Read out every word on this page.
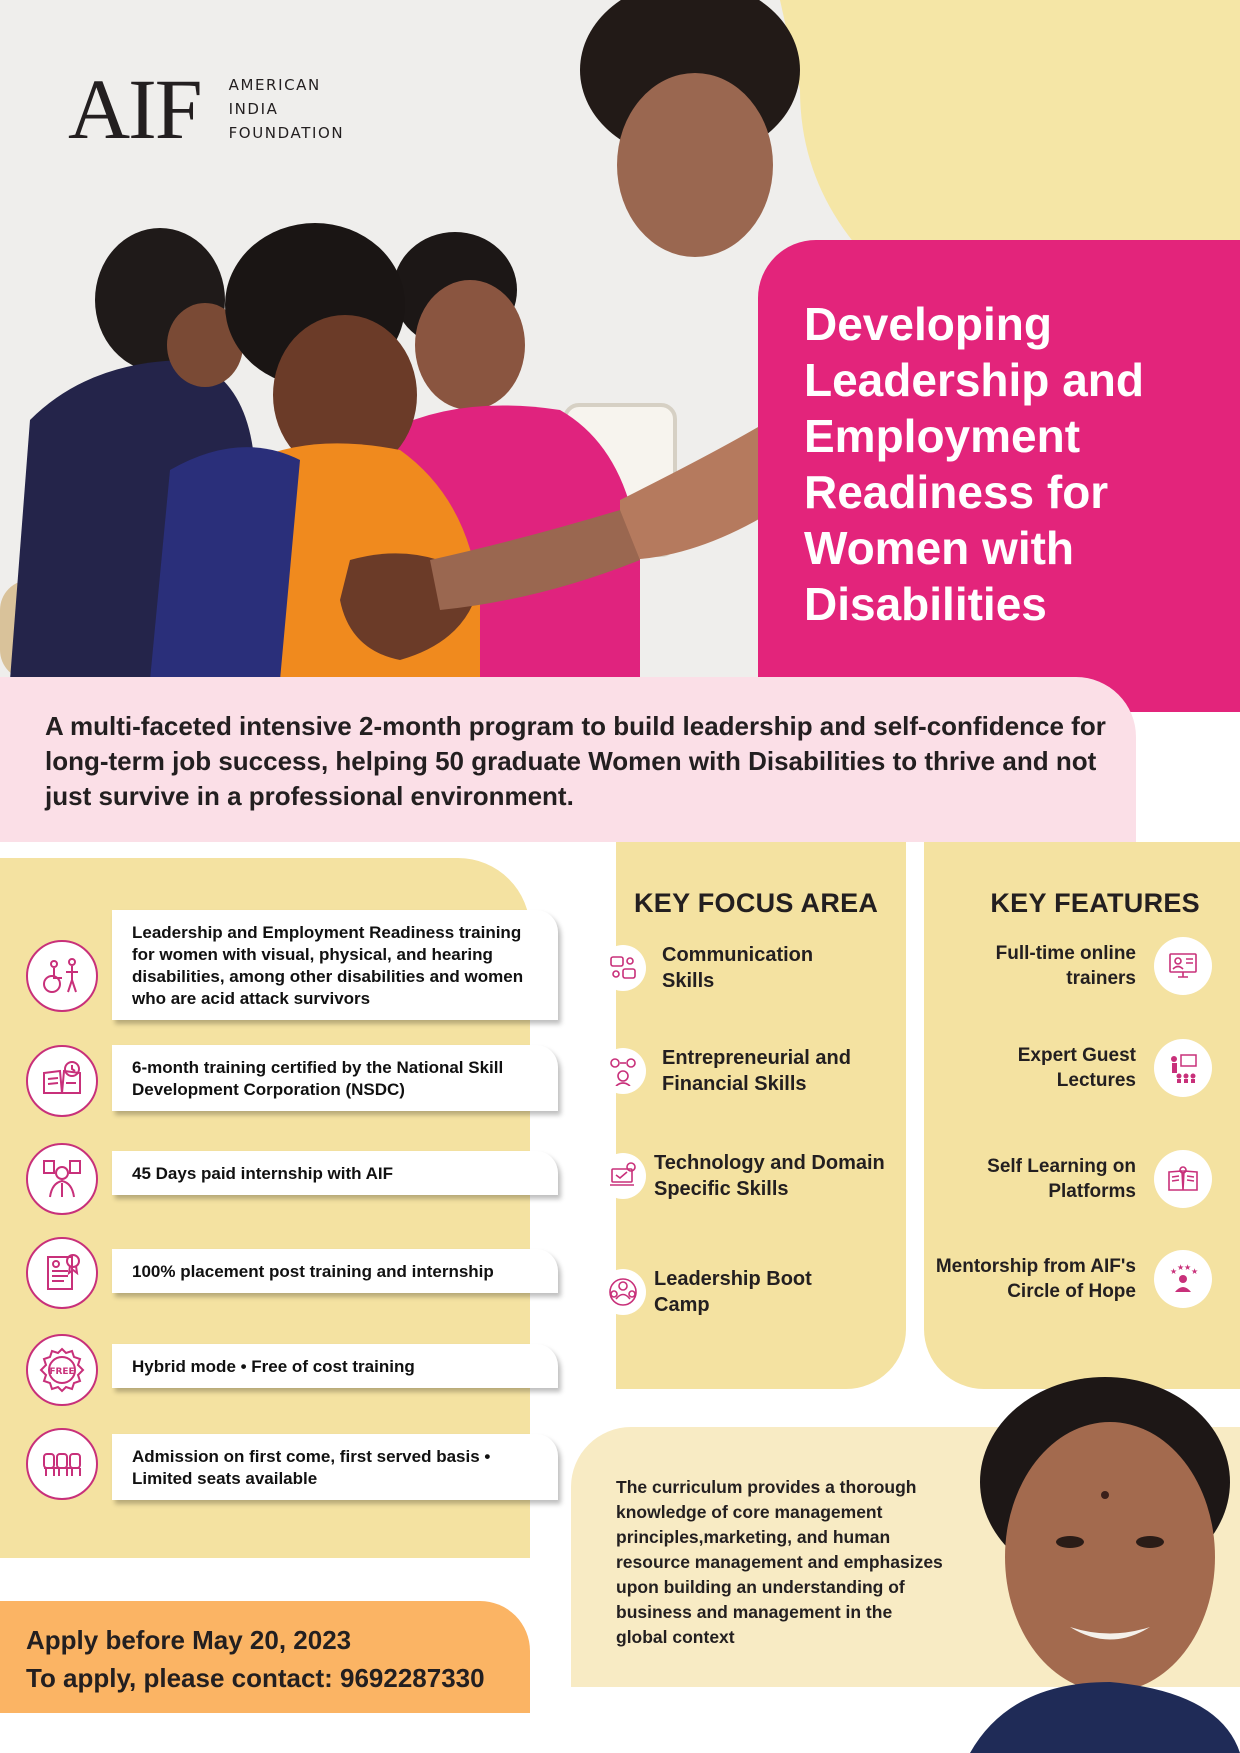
AIF AMERICAN
INDIA
FOUNDATION
Developing Leadership and Employment Readiness for Women with Disabilities

A multi-faceted intensive 2-month program to build leadership and self-confidence for long-term job success, helping 50 graduate Women with Disabilities to thrive and not just survive in a professional environment.

Leadership and Employment Readiness training for women with visual, physical, and hearing disabilities, among other disabilities and women who are acid attack survivors
6-month training certified by the National Skill Development Corporation (NSDC)
45 Days paid internship with AIF
100% placement post training and internship
FREE	Hybrid mode • Free of cost training
Admission on first come, first served basis • Limited seats available
KEY FOCUS AREA
Communication Skills
Entrepreneurial and Financial Skills
Technology and Domain Specific Skills
Leadership Boot Camp
KEY FEATURES
Full-time online trainers
Expert Guest Lectures
Self Learning on Platforms
Mentorship from AIF's Circle of Hope
★ ★ ★ ★

The curriculum provides a thorough knowledge of core management principles,marketing, and human resource management and emphasizes upon building an understanding of business and management in the global context

Apply before May 20, 2023
To apply, please contact: 9692287330
